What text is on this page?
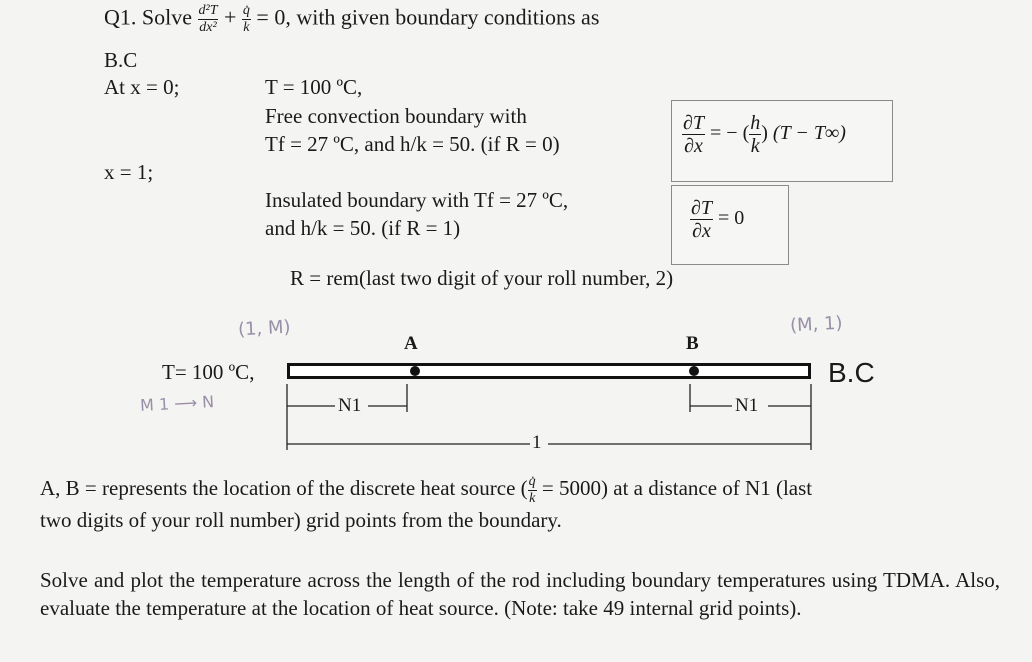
Q1. Solve $\frac{\text{d²T}}{\text{dx²}} + \frac{q̇}{k} = 0$, with given boundary conditions as
B.C
At x = 0;	T = 100 ºC,
Free convection boundary with
Tf = 27 ºC, and h/k = 50. (if R = 0)	$\frac{\partial T}{\partial x}$ = − ( $\frac{h}{k}$ ) (T − T∞)
x = 1;
Insulated boundary with Tf = 27 ºC,
and h/k = 50. (if R = 1)	$\frac{\partial T}{\partial x} = 0$
R = rem(last two digit of your roll number, 2)
(1, M)	(M, 1)
M 1 ⟶ N
A	B
T= 100 ºC,	B.C
N1	N1
1
A, B = represents the location of the discrete heat source ( $\frac{q̇}{k} = 5000$) at a distance of N1 (last
two digits of your roll number) grid points from the boundary.
Solve and plot the temperature across the length of the rod including boundary temperatures using TDMA. Also, evaluate the temperature at the location of heat source. (Note: take 49 internal grid points).
